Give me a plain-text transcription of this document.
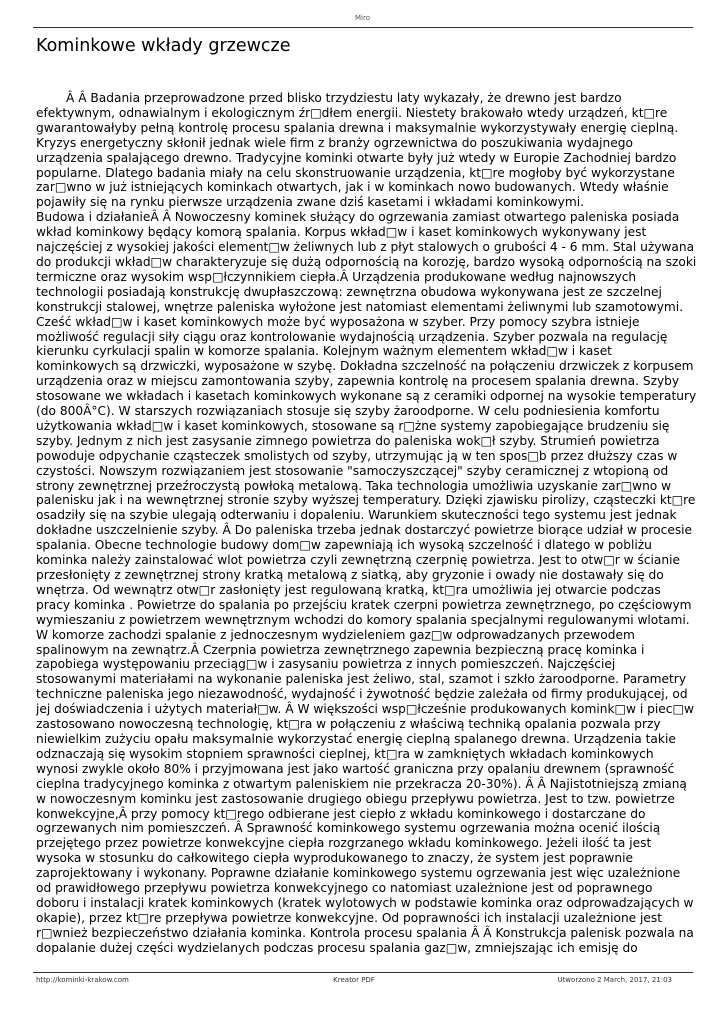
Miro
Kominkowe wkłady grzewcze

Â Â Badania przeprowadzone przed blisko trzydziestu laty wykazały, że drewno jest bardzo efektywnym, odnawialnym i ekologicznym źr□dłem energii. Niestety brakowało wtedy urządzeń, kt□re gwarantowałyby pełną kontrolę procesu spalania drewna i maksymalnie wykorzystywały energię cieplną. Kryzys energetyczny skłonił jednak wiele firm z branży ogrzewnictwa do poszukiwania wydajnego urządzenia spalającego drewno. Tradycyjne kominki otwarte były już wtedy w Europie Zachodniej bardzo popularne. Dlatego badania miały na celu skonstruowanie urządzenia, kt□re mogłoby być wykorzystane zar□wno w już istniejących kominkach otwartych, jak i w kominkach nowo budowanych. Wtedy właśnie pojawiły się na rynku pierwsze urządzenia zwane dziś kasetami i wkładami kominkowymi.

Budowa i działanieÂ Â Nowoczesny kominek służący do ogrzewania zamiast otwartego paleniska posiada wkład kominkowy będący komorą spalania. Korpus wkład□w i kaset kominkowych wykonywany jest najczęściej z wysokiej jakości element□w żeliwnych lub z płyt stalowych o grubości 4 - 6 mm. Stal używana do produkcji wkład□w charakteryzuje się dużą odpornością na korozję, bardzo wysoką odpornością na szoki termiczne oraz wysokim wsp□łczynnikiem ciepła.Â Urządzenia produkowane według najnowszych technologii posiadają konstrukcję dwupłaszczową: zewnętrzna obudowa wykonywana jest ze szczelnej konstrukcji stalowej, wnętrze paleniska wyłożone jest natomiast elementami żeliwnymi lub szamotowymi. Cześć wkład□w i kaset kominkowych może być wyposażona w szyber. Przy pomocy szybra istnieje możliwość regulacji siły ciągu oraz kontrolowanie wydajnością urządzenia. Szyber pozwala na regulację kierunku cyrkulacji spalin w komorze spalania. Kolejnym ważnym elementem wkład□w i kaset kominkowych są drzwiczki, wyposażone w szybę. Dokładna szczelność na połączeniu drzwiczek z korpusem urządzenia oraz w miejscu zamontowania szyby, zapewnia kontrolę na procesem spalania drewna. Szyby stosowane we wkładach i kasetach kominkowych wykonane są z ceramiki odpornej na wysokie temperatury (do 800Â°C). W starszych rozwiązaniach stosuje się szyby żaroodporne. W celu podniesienia komfortu użytkowania wkład□w i kaset kominkowych, stosowane są r□żne systemy zapobiegające brudzeniu się szyby. Jednym z nich jest zasysanie zimnego powietrza do paleniska wok□ł szyby. Strumień powietrza powoduje odpychanie cząsteczek smolistych od szyby, utrzymując ją w ten spos□b przez dłuższy czas w czystości. Nowszym rozwiązaniem jest stosowanie "samoczyszczącej" szyby ceramicznej z wtopioną od strony zewnętrznej przeźroczystą powłoką metalową. Taka technologia umożliwia uzyskanie zar□wno w palenisku jak i na wewnętrznej stronie szyby wyższej temperatury. Dzięki zjawisku pirolizy, cząsteczki kt□re osadziły się na szybie ulegają odterwaniu i dopaleniu. Warunkiem skuteczności tego systemu jest jednak dokładne uszczelnienie szyby. Â Do paleniska trzeba jednak dostarczyć powietrze biorące udział w procesie spalania. Obecne technologie budowy dom□w zapewniają ich wysoką szczelność i dlatego w pobliżu kominka należy zainstalować wlot powietrza czyli zewnętrzną czerpnię powietrza. Jest to otw□r w ścianie przesłonięty z zewnętrznej strony kratką metalową z siatką, aby gryzonie i owady nie dostawały się do wnętrza. Od wewnątrz otw□r zasłonięty jest regulowaną kratką, kt□ra umożliwia jej otwarcie podczas pracy kominka . Powietrze do spalania po przejściu kratek czerpni powietrza zewnętrznego, po częściowym wymieszaniu z powietrzem wewnętrznym wchodzi do komory spalania specjalnymi regulowanymi wlotami. W komorze zachodzi spalanie z jednoczesnym wydzieleniem gaz□w odprowadzanych przewodem spalinowym na zewnątrz.Â Czerpnia powietrza zewnętrznego zapewnia bezpieczną pracę kominka i zapobiega występowaniu przeciąg□w i zasysaniu powietrza z innych pomieszczeń. Najczęściej stosowanymi materiałami na wykonanie paleniska jest żeliwo, stal, szamot i szkło żaroodporne. Parametry techniczne paleniska jego niezawodność, wydajność i żywotność będzie zależała od firmy produkującej, od jej doświadczenia i użytych materiał□w. Â W większości wsp□łcześnie produkowanych komink□w i piec□w zastosowano nowoczesną technologię, kt□ra w połączeniu z właściwą techniką opalania pozwala przy niewielkim zużyciu opału maksymalnie wykorzystać energię cieplną spalanego drewna. Urządzenia takie odznaczają się wysokim stopniem sprawności cieplnej, kt□ra w zamkniętych wkładach kominkowych wynosi zwykle około 80% i przyjmowana jest jako wartość graniczna przy opalaniu drewnem (sprawność cieplna tradycyjnego kominka z otwartym paleniskiem nie przekracza 20-30%). Â Â Najistotniejszą zmianą w nowoczesnym kominku jest zastosowanie drugiego obiegu przepływu powietrza. Jest to tzw. powietrze konwekcyjne,Â przy pomocy kt□rego odbierane jest ciepło z wkładu kominkowego i dostarczane do ogrzewanych nim pomieszczeń. Â Sprawność kominkowego systemu ogrzewania można ocenić ilością przejętego przez powietrze konwekcyjne ciepła rozgrzanego wkładu kominkowego. Jeżeli ilość ta jest wysoka w stosunku do całkowitego ciepła wyprodukowanego to znaczy, że system jest poprawnie zaprojektowany i wykonany. Poprawne działanie kominkowego systemu ogrzewania jest więc uzależnione od prawidłowego przepływu powietrza konwekcyjnego co natomiast uzależnione jest od poprawnego doboru i instalacji kratek kominkowych (kratek wylotowych w podstawie kominka oraz odprowadzających w okapie), przez kt□re przepływa powietrze konwekcyjne. Od poprawności ich instalacji uzależnione jest r□wnież bezpieczeństwo działania kominka. Kontrola procesu spalania Â Â Konstrukcja palenisk pozwala na dopalanie dużej części wydzielanych podczas procesu spalania gaz□w, zmniejszając ich emisję do

http://kominki-krakow.com	Kreator PDF	Utworzono 2 March, 2017, 21:03
